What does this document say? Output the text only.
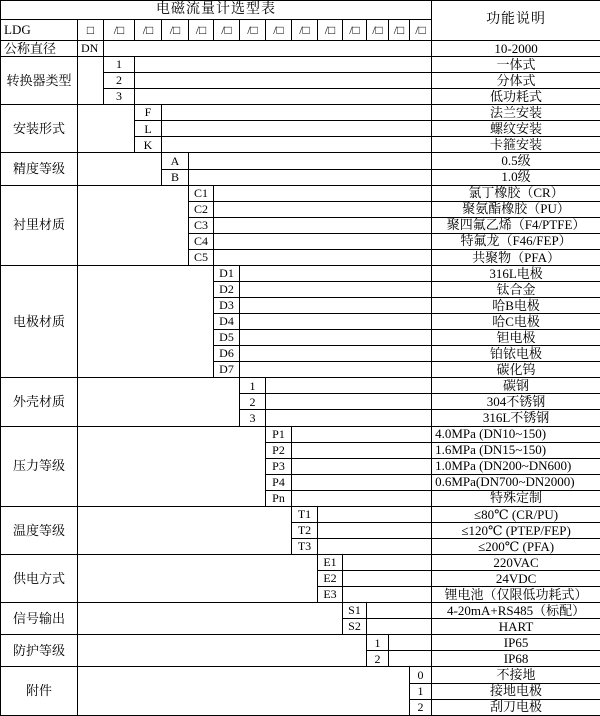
电磁流量计选型表															功能说明
LDG	□	/□	/□	/□	/□	/□	/□	/□	/□	/□	/□	/□	/□	/□	
公称直径	DN														10-2000
转换器类型		1													一体式
		2													分体式
		3													低功耗式
安装形式			F												法兰安装
			L												螺纹安装
			K												卡箍安装
精度等级				A											0.5级
				B											1.0级
衬里材质					C1										氯丁橡胶（CR）
					C2										聚氨酯橡胶（PU）
					C3										聚四氟乙烯（F4/PTFE）
					C4										特氟龙（F46/FEP）
					C5										共聚物（PFA）
电极材质						D1									316L电极
						D2									钛合金
						D3									哈B电极
						D4									哈C电极
						D5									钽电极
						D6									铂铱电极
						D7									碳化钨
外壳材质							1								碳钢
							2								304不锈钢
							3								316L不锈钢
压力等级								P1							4.0MPa (DN10~150)
								P2							1.6MPa (DN15~150)
								P3							1.0MPa (DN200~DN600)
								P4							0.6MPa(DN700~DN2000)
								Pn							特殊定制
温度等级									T1						≤80℃ (CR/PU)
									T2						≤120℃ (PTEP/FEP)
									T3						≤200℃ (PFA)
供电方式										E1					220VAC
										E2					24VDC
										E3					锂电池（仅限低功耗式）
信号输出											S1				4-20mA+RS485（标配）
											S2				HART
防护等级												1			IP65
												2			IP68
附件														0	不接地
														1	接地电极
														2	刮刀电极
